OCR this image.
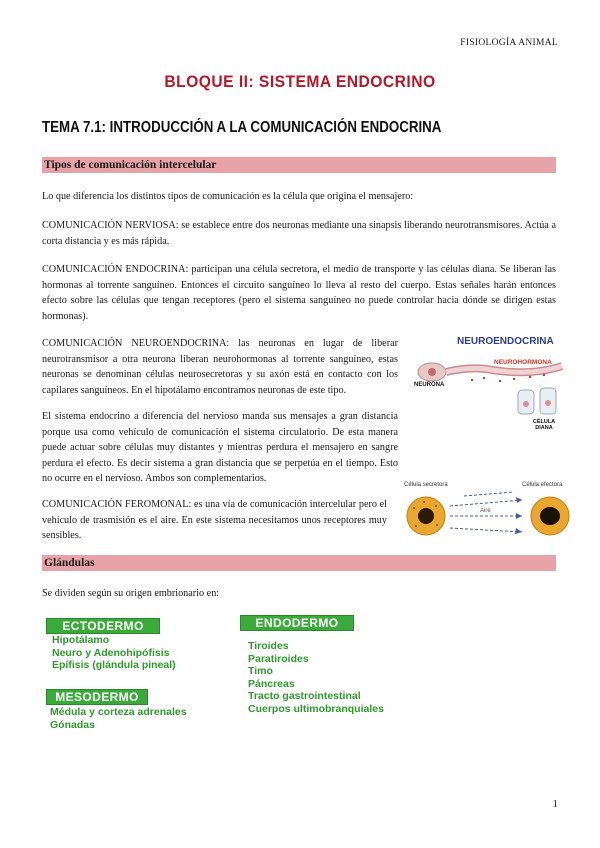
FISIOLOGÍA ANIMAL
BLOQUE II: SISTEMA ENDOCRINO
TEMA 7.1: INTRODUCCIÓN A LA COMUNICACIÓN ENDOCRINA
Tipos de comunicación intercelular

Lo que diferencia los distintos tipos de comunicación es la célula que origina el mensajero:

COMUNICACIÓN NERVIOSA: se establece entre dos neuronas mediante una sinapsis liberando neurotransmisores. Actúa a corta distancia y es más rápida.

COMUNICACIÓN ENDOCRINA: participan una célula secretora, el medio de transporte y las células diana. Se liberan las hormonas al torrente sanguíneo. Entonces el circuito sanguíneo lo lleva al resto del cuerpo. Estas señales harán entonces efecto sobre las células que tengan receptores (pero el sistema sanguíneo no puede controlar hacia dónde se dirigen estas hormonas).

COMUNICACIÓN NEUROENDOCRINA: las neuronas en lugar de liberar neurotransmisor a otra neurona liberan neurohormonas al torrente sanguíneo, estas neuronas se denominan células neurosecretoras y su axón está en contacto con los capilares sanguíneos. En el hipotálamo encontramos neuronas de este tipo.

El sistema endocrino a diferencia del nervioso manda sus mensajes a gran distancia porque usa como vehículo de comunicación el sistema circulatorio. De esta manera puede actuar sobre células muy distantes y mientras perdura el mensajero en sangre perdura el efecto. Es decir sistema a gran distancia que se perpetúa en el tiempo. Esto no ocurre en el nervioso. Ambos son complementarios.

COMUNICACIÓN FEROMONAL: es una vía de comunicación intercelular pero el vehículo de trasmisión es el aire. En este sistema necesitamos unos receptores muy sensibles.

NEUROENDOCRINA
NEUROHORMONA
NEURONA
CÉLULA DIANA
Célula secretora	Célula efectora
Aire
Glándulas

Se dividen según su origen embrionario en:

ECTODERMO
Hipotálamo
Neuro y Adenohipófisis
Epífisis (glándula pineal)
MESODERMO
Médula y corteza adrenales
Gónadas
ENDODERMO
Tiroides
Paratiroides
Timo
Páncreas
Tracto gastrointestinal
Cuerpos ultimobranquiales
1
